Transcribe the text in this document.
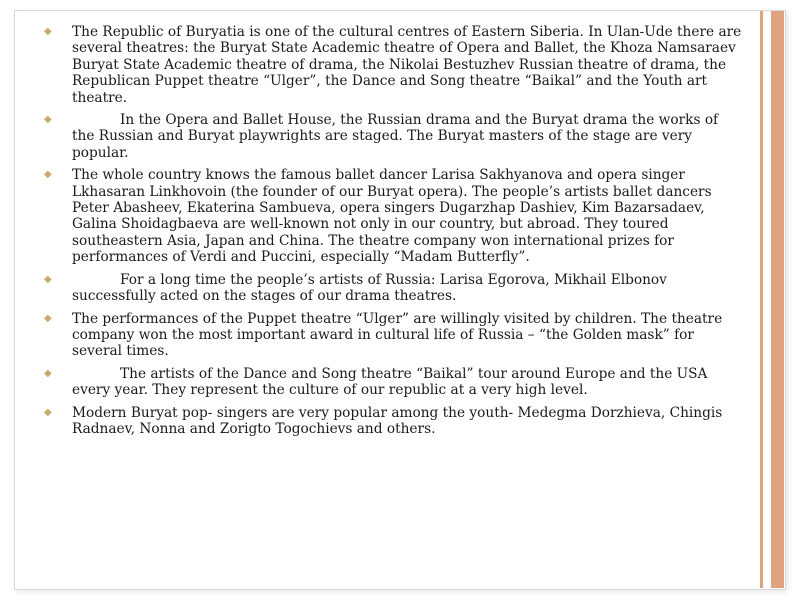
◆ The Republic of Buryatia is one of the cultural centres of Eastern Siberia. In Ulan-Ude there are several theatres: the Buryat State Academic theatre of Opera and Ballet, the Khoza Namsaraev Buryat State Academic theatre of drama, the Nikolai Bestuzhev Russian theatre of drama, the Republican Puppet theatre “Ulger”, the Dance and Song theatre “Baikal” and the Youth art theatre.
◆	In the Opera and Ballet House, the Russian drama and the Buryat drama the works of the Russian and Buryat playwrights are staged. The Buryat masters of the stage are very popular.
◆ The whole country knows the famous ballet dancer Larisa Sakhyanova and opera singer Lkhasaran Linkhovoin (the founder of our Buryat opera). The people’s artists ballet dancers Peter Abasheev, Ekaterina Sambueva, opera singers Dugarzhap Dashiev, Kim Bazarsadaev, Galina Shoidagbaeva are well-known not only in our country, but abroad. They toured southeastern Asia, Japan and China. The theatre company won international prizes for performances of Verdi and Puccini, especially “Madam Butterfly”.
◆	For a long time the people’s artists of Russia: Larisa Egorova, Mikhail Elbonov successfully acted on the stages of our drama theatres.
◆ The performances of the Puppet theatre “Ulger” are willingly visited by children. The theatre company won the most important award in cultural life of Russia – “the Golden mask” for several times.
◆	The artists of the Dance and Song theatre “Baikal” tour around Europe and the USA every year. They represent the culture of our republic at a very high level.
◆ Modern Buryat pop- singers are very popular among the youth- Medegma Dorzhieva, Chingis Radnaev, Nonna and Zorigto Togochievs and others.
